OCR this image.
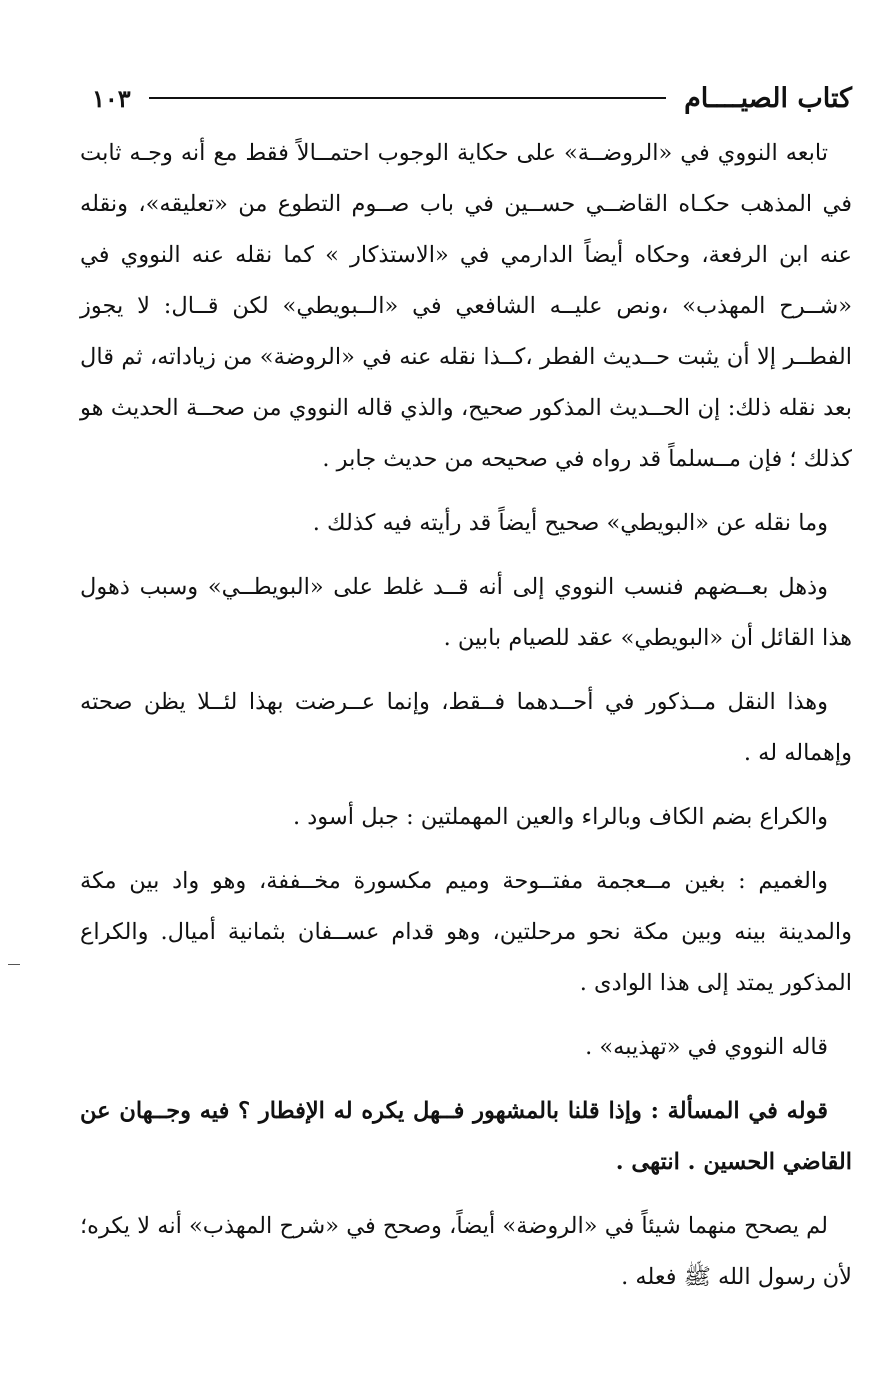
كتاب الصيــــام
١٠٣

تابعه النووي في «الروضــة» على حكاية الوجوب احتمــالاً فقط مع أنه وجـه ثابت في المذهب حكـاه القاضــي حســين في باب صــوم التطوع من «تعليقه»، ونقله عنه ابن الرفعة، وحكاه أيضاً الدارمي في «الاستذكار » كما نقله عنه النووي في «شــرح المهذب» ،ونص عليــه الشافعي في «الــبويطي» لكن قــال: لا يجوز الفطــر إلا أن يثبت حــديث الفطر ،كــذا نقله عنه في «الروضة» من زياداته، ثم قال بعد نقله ذلك: إن الحــديث المذكور صحيح، والذي قاله النووي من صحــة الحديث هو كذلك ؛ فإن مــسلماً قد رواه في صحيحه من حديث جابر .

وما نقله عن «البويطي» صحيح أيضاً قد رأيته فيه كذلك .

وذهل بعــضهم فنسب النووي إلى أنه قــد غلط على «البويطــي» وسبب ذهول هذا القائل أن «البويطي» عقد للصيام بابين .

وهذا النقل مــذكور في أحــدهما فــقط، وإنما عــرضت بهذا لئــلا يظن صحته وإهماله له .

والكراع بضم الكاف وبالراء والعين المهملتين : جبل أسود .

والغميم : بغين مــعجمة مفتــوحة وميم مكسورة مخــففة، وهو واد بين مكة والمدينة بينه وبين مكة نحو مرحلتين، وهو قدام عســفان بثمانية أميال. والكراع المذكور يمتد إلى هذا الوادى .

قاله النووي في «تهذيبه» .

قوله في المسألة : وإذا قلنا بالمشهور فــهل يكره له الإفطار ؟ فيه وجــهان عن القاضي الحسين . انتهى .

لم يصحح منهما شيئاً في «الروضة» أيضاً، وصحح في «شرح المهذب» أنه لا يكره؛ لأن رسول الله ﷺ فعله .
